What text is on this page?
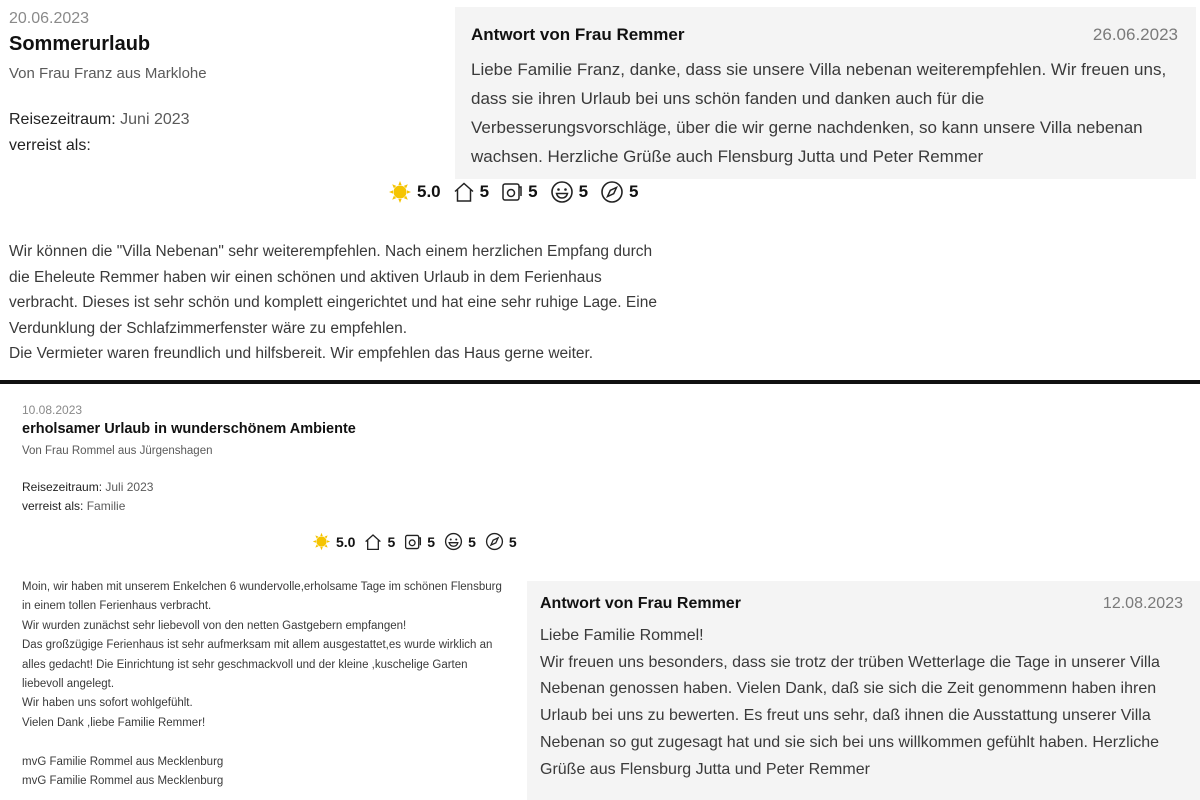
20.06.2023
Sommerurlaub
Von Frau Franz aus Marklohe
Reisezeitraum: Juni 2023
verreist als:
Antwort von Frau Remmer	26.06.2023
Liebe Familie Franz, danke, dass sie unsere Villa nebenan weiterempfehlen. Wir freuen uns, dass sie ihren Urlaub bei uns schön fanden und danken auch für die Verbesserungsvorschläge, über die wir gerne nachdenken, so kann unsere Villa nebenan wachsen. Herzliche Grüße auch Flensburg Jutta und Peter Remmer
5.0 5 5 5 5
Wir können die "Villa Nebenan" sehr weiterempfehlen. Nach einem herzlichen Empfang durch
die Eheleute Remmer haben wir einen schönen und aktiven Urlaub in dem Ferienhaus
verbracht. Dieses ist sehr schön und komplett eingerichtet und hat eine sehr ruhige Lage. Eine
Verdunklung der Schlafzimmerfenster wäre zu empfehlen.
Die Vermieter waren freundlich und hilfsbereit. Wir empfehlen das Haus gerne weiter.
10.08.2023
erholsamer Urlaub in wunderschönem Ambiente
Von Frau Rommel aus Jürgenshagen
Reisezeitraum: Juli 2023
verreist als: Familie
5.0 5 5 5 5
Moin, wir haben mit unserem Enkelchen 6 wundervolle,erholsame Tage im schönen Flensburg
in einem tollen Ferienhaus verbracht.
Wir wurden zunächst sehr liebevoll von den netten Gastgebern empfangen!
Das großzügige Ferienhaus ist sehr aufmerksam mit allem ausgestattet,es wurde wirklich an
alles gedacht! Die Einrichtung ist sehr geschmackvoll und der kleine ,kuschelige Garten
liebevoll angelegt.
Wir haben uns sofort wohlgefühlt.
Vielen Dank ,liebe Familie Remmer!
mvG Familie Rommel aus Mecklenburg
mvG Familie Rommel aus Mecklenburg
Antwort von Frau Remmer	12.08.2023
Liebe Familie Rommel!
Wir freuen uns besonders, dass sie trotz der trüben Wetterlage die Tage in unserer Villa
Nebenan genossen haben. Vielen Dank, daß sie sich die Zeit genommenn haben ihren
Urlaub bei uns zu bewerten. Es freut uns sehr, daß ihnen die Ausstattung unserer Villa
Nebenan so gut zugesagt hat und sie sich bei uns willkommen gefühlt haben. Herzliche
Grüße aus Flensburg Jutta und Peter Remmer
